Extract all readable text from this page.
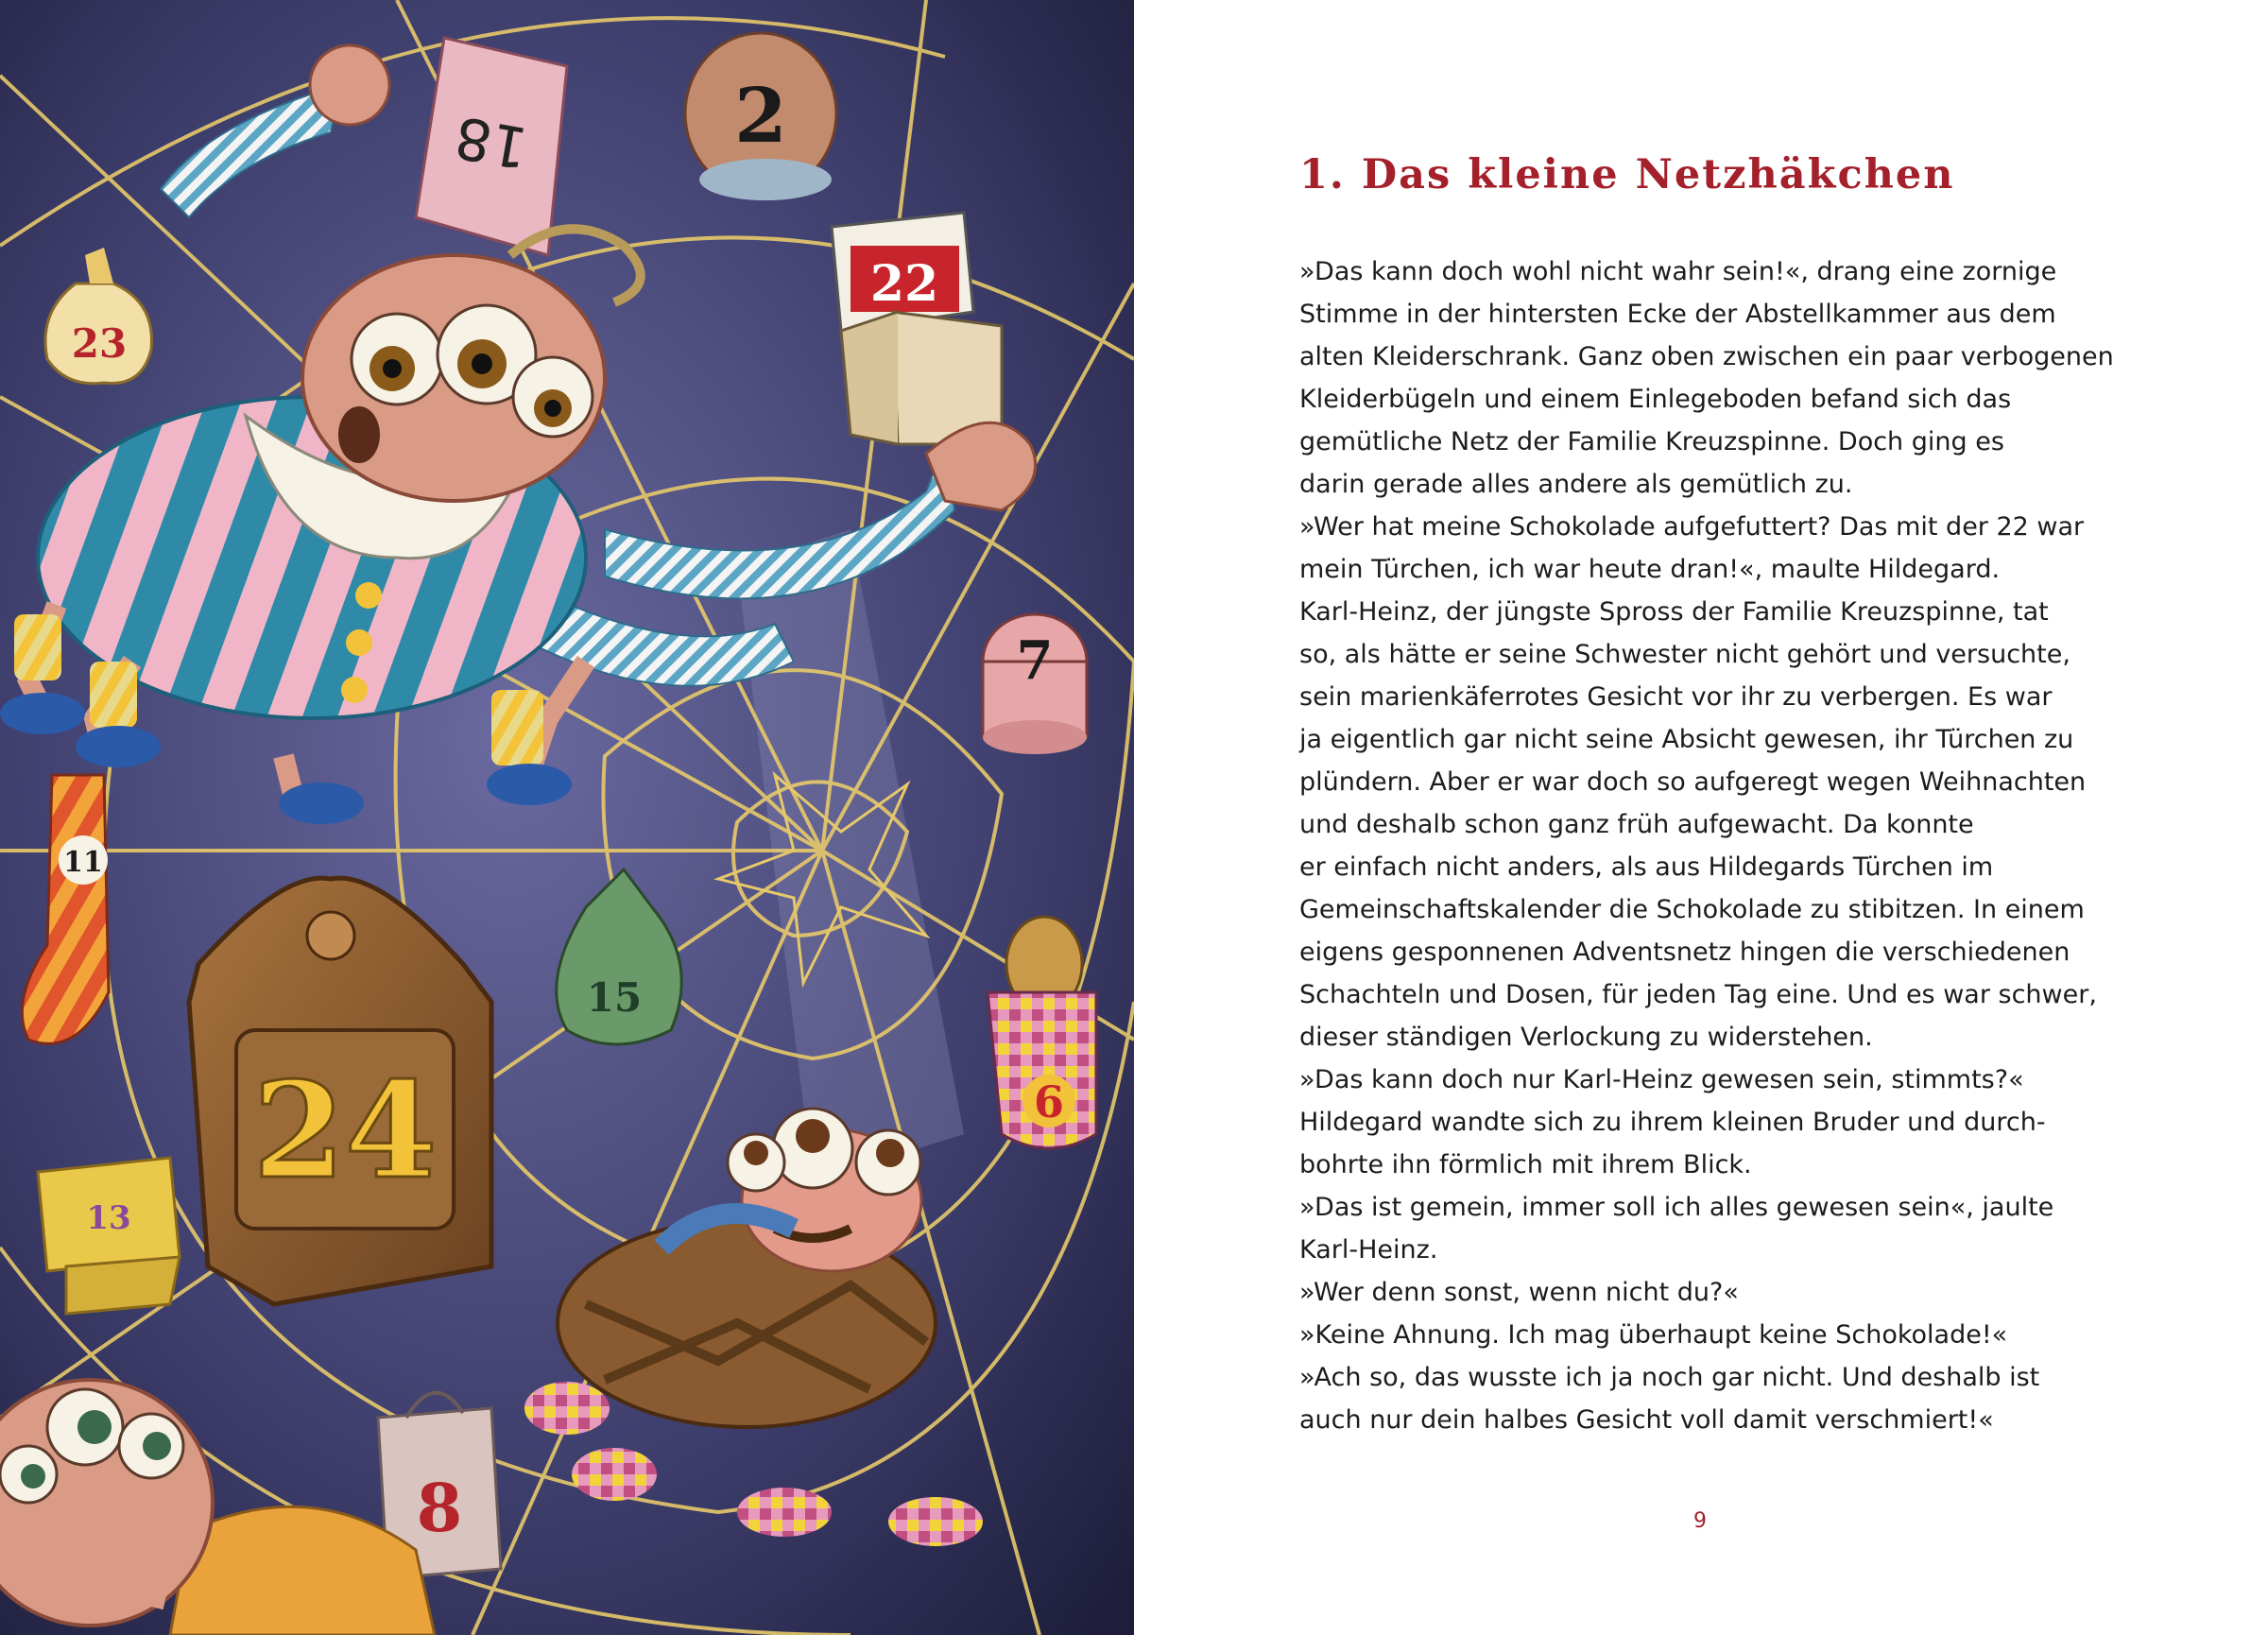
18	2
22
23
7
11
15
24	6
13
8
1. Das kleine Netzhäkchen
»Das kann doch wohl nicht wahr sein!«, drang eine zornige
Stimme in der hintersten Ecke der Abstellkammer aus dem
alten Kleiderschrank. Ganz oben zwischen ein paar verbogenen
Kleiderbügeln und einem Einlegeboden befand sich das
gemütliche Netz der Familie Kreuzspinne. Doch ging es
darin gerade alles andere als gemütlich zu.
»Wer hat meine Schokolade aufgefuttert? Das mit der 22 war
mein Türchen, ich war heute dran!«, maulte Hildegard.
Karl-Heinz, der jüngste Spross der Familie Kreuzspinne, tat
so, als hätte er seine Schwester nicht gehört und versuchte,
sein marienkäferrotes Gesicht vor ihr zu verbergen. Es war
ja eigentlich gar nicht seine Absicht gewesen, ihr Türchen zu
plündern. Aber er war doch so aufgeregt wegen Weihnachten
und deshalb schon ganz früh aufgewacht. Da konnte
er einfach nicht anders, als aus Hildegards Türchen im
Gemeinschaftskalender die Schokolade zu stibitzen. In einem
eigens gesponnenen Adventsnetz hingen die verschiedenen
Schachteln und Dosen, für jeden Tag eine. Und es war schwer,
dieser ständigen Verlockung zu widerstehen.
»Das kann doch nur Karl-Heinz gewesen sein, stimmts?«
Hildegard wandte sich zu ihrem kleinen Bruder und durch-
bohrte ihn förmlich mit ihrem Blick.
»Das ist gemein, immer soll ich alles gewesen sein«, jaulte
Karl-Heinz.
»Wer denn sonst, wenn nicht du?«
»Keine Ahnung. Ich mag überhaupt keine Schokolade!«
»Ach so, das wusste ich ja noch gar nicht. Und deshalb ist
auch nur dein halbes Gesicht voll damit verschmiert!«
9
